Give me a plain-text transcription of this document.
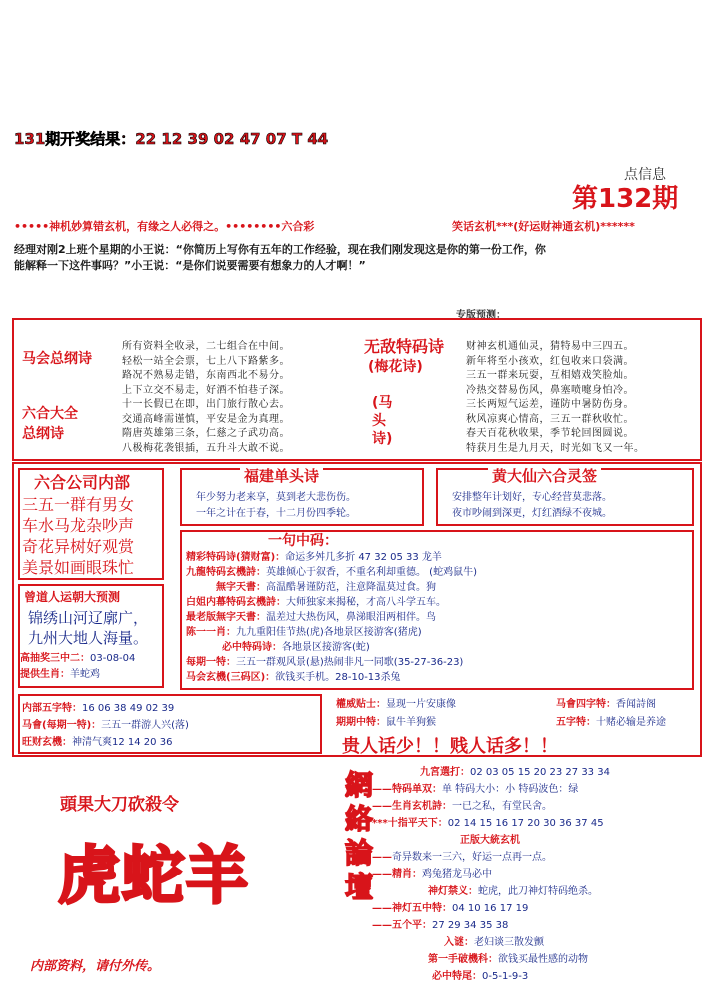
131期开奖结果：22 12 39 02 47 07 T 44
点信息
第132期
•••••神机妙算错玄机，有缘之人必得之。••••••••六合彩	笑话玄机***(好运财神通玄机)******
经理对刚2上班个星期的小王说：“你简历上写你有五年的工作经验，现在我们刚发现这是你的第一份工作，你
能解释一下这件事吗？”小王说：“是你们说要需要有想象力的人才啊！”
专版预测：
马会总纲诗
六合大全总纲诗
所有资料全收录，二七组合在中间。
轻松一站全会票，七上八下路紫多。
路况不熟易走错，东南西北不易分。
上下立交不易走，好酒不怕巷子深。
十一长假已在即，出门旅行散心去。
交通高峰需谨慎，平安是金为真理。
隋唐英雄第三条，仁慈之子武功高。
八极梅花袭银插，五升斗大敢不说。
无敌特码诗
(梅花诗)
(马头诗)
财神玄机通仙灵，猜特易中三四五。
新年将至小孩欢，红包收来口袋满。
三五一群来玩耍，互相嬉戏笑脸灿。
冷热交替易伤风，鼻塞喷嚏身怕冷。
三长两短气运差，谨防中暑防伤身。
秋风凉爽心情高，三五一群秋收忙。
春天百花秋收果，季节轮回图圆说。
特获月生是九月天，时光如飞又一年。
六合公司内部
三五一群有男女
车水马龙杂吵声
奇花异树好观赏
美景如画眼珠忙
福建单头诗
年少努力老来享，莫到老大悲伤伤。
一年之计在于春，十二月份四季轮。
黄大仙六合灵签
安排整年计划好，专心经营莫悲落。
夜市吵闹到深更，灯红酒绿不夜城。
曾道人运朝大预测
锦绣山河辽廓广，
九州大地人海量。
高抽奖三中二：03-08-04
提供生肖：羊蛇鸡
一句中码：
精彩特码诗(猜财富)：命运多舛几多折 47 32 05 33 龙羊
九龍特码玄機詩：英雄倾心于叙香，不重名利却重德。 (蛇鸡鼠牛)
無字天書：高温酷暑谨防范，注意降温莫过食。狗
白姐内幕特码玄機詩：大师独家来揭秘，才高八斗学五车。
最老版無字天書：温差过大热伤风，鼻涕眼泪两相伴。鸟
陈一一肖：九九重阳佳节热(虎)各地景区接游客(猪虎)
必中特码诗：各地景区接游客(蛇)
每期一特：三五一群观风景(悬)热闹非凡一同歌(35-27-36-23)
马会玄機(三码区)：欲钱买手机。28-10-13杀兔
内部五字特：16 06 38 49 02 39
马會(每期一特)：三五一群游人兴(落)
旺财玄機：神清气爽12 14 20 36
權威贴士：显现一片安康像
期期中特：鼠牛羊狗猴
马會四字特：香闻詩阁
五字特：十赌必输是养途
贵人话少！！贱人话多！！
頭果大刀砍殺令
虎蛇羊
内部资料，请付外传。
網絡論壇	九宮選打：02 03 05 15 20 23 27 33 34
——特码单双：单 特码大小：小 特码波色：绿
——生肖玄机詩：一已之私，有堂民舍。
***十指平天下：02 14 15 16 17 20 30 36 37 45
正版大統玄机
——奇异数来一三六，好运一点再一点。
——精肖：鸡兔猪龙马必中
神灯禁义：蛇虎，此刀神灯特码绝杀。
——神灯五中特：04 10 16 17 19
——五个平：27 29 34 35 38
入谜：老妇谈三散发颤
第一手破機科：欲钱买最性感的动物
必中特尾：0-5-1-9-3
